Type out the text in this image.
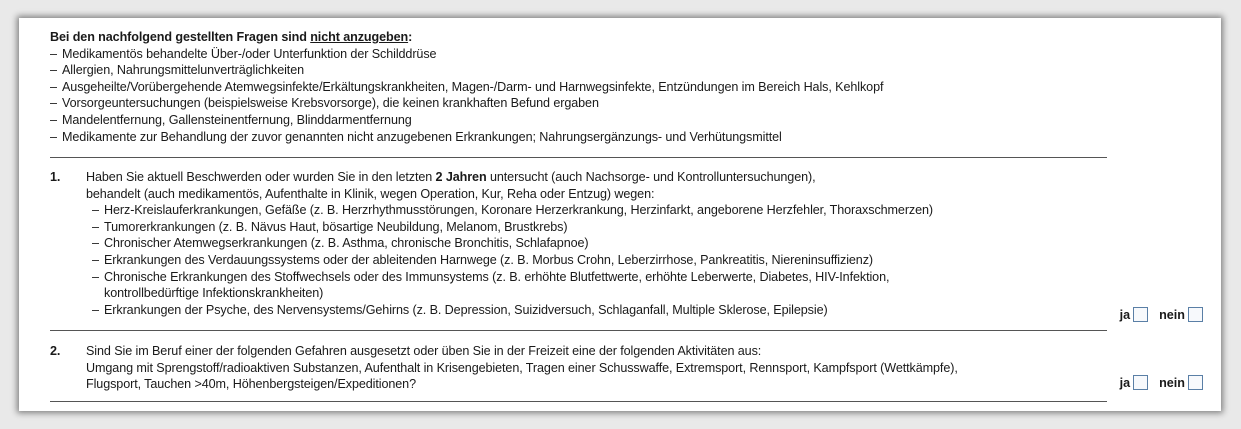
Bei den nachfolgend gestellten Fragen sind nicht anzugeben:
– Medikamentös behandelte Über-/oder Unterfunktion der Schilddrüse
– Allergien, Nahrungsmittelunverträglichkeiten
– Ausgeheilte/Vorübergehende Atemwegsinfekte/Erkältungskrankheiten, Magen-/Darm- und Harnwegsinfekte, Entzündungen im Bereich Hals, Kehlkopf
– Vorsorgeuntersuchungen (beispielsweise Krebsvorsorge), die keinen krankhaften Befund ergaben
– Mandelentfernung, Gallensteinentfernung, Blinddarmentfernung
– Medikamente zur Behandlung der zuvor genannten nicht anzugebenen Erkrankungen; Nahrungsergänzungs- und Verhütungsmittel
1. Haben Sie aktuell Beschwerden oder wurden Sie in den letzten 2 Jahren untersucht (auch Nachsorge- und Kontrolluntersuchungen),

behandelt (auch medikamentös, Aufenthalte in Klinik, wegen Operation, Kur, Reha oder Entzug) wegen:

– Herz-Kreislauferkrankungen, Gefäße (z. B. Herzrhythmusstörungen, Koronare Herzerkrankung, Herzinfarkt, angeborene Herzfehler, Thoraxschmerzen)
– Tumorerkrankungen (z. B. Nävus Haut, bösartige Neubildung, Melanom, Brustkrebs)
– Chronischer Atemwegserkrankungen (z. B. Asthma, chronische Bronchitis, Schlafapnoe)
– Erkrankungen des Verdauungssystems oder der ableitenden Harnwege (z. B. Morbus Crohn, Leberzirrhose, Pankreatitis, Niereninsuffizienz)
– Chronische Erkrankungen des Stoffwechsels oder des Immunsystems (z. B. erhöhte Blutfettwerte, erhöhte Leberwerte, Diabetes, HIV-Infektion, kontrollbedürftige Infektionskrankheiten)
– Erkrankungen der Psyche, des Nervensystems/Gehirns (z. B. Depression, Suizidversuch, Schlaganfall, Multiple Sklerose, Epilepsie)	ja nein
2. Sind Sie im Beruf einer der folgenden Gefahren ausgesetzt oder üben Sie in der Freizeit eine der folgenden Aktivitäten aus:

Umgang mit Sprengstoff/radioaktiven Substanzen, Aufenthalt in Krisengebieten, Tragen einer Schusswaffe, Extremsport, Rennsport, Kampfsport (Wettkämpfe),

Flugsport, Tauchen >40m, Höhenbergsteigen/Expeditionen?	ja nein
